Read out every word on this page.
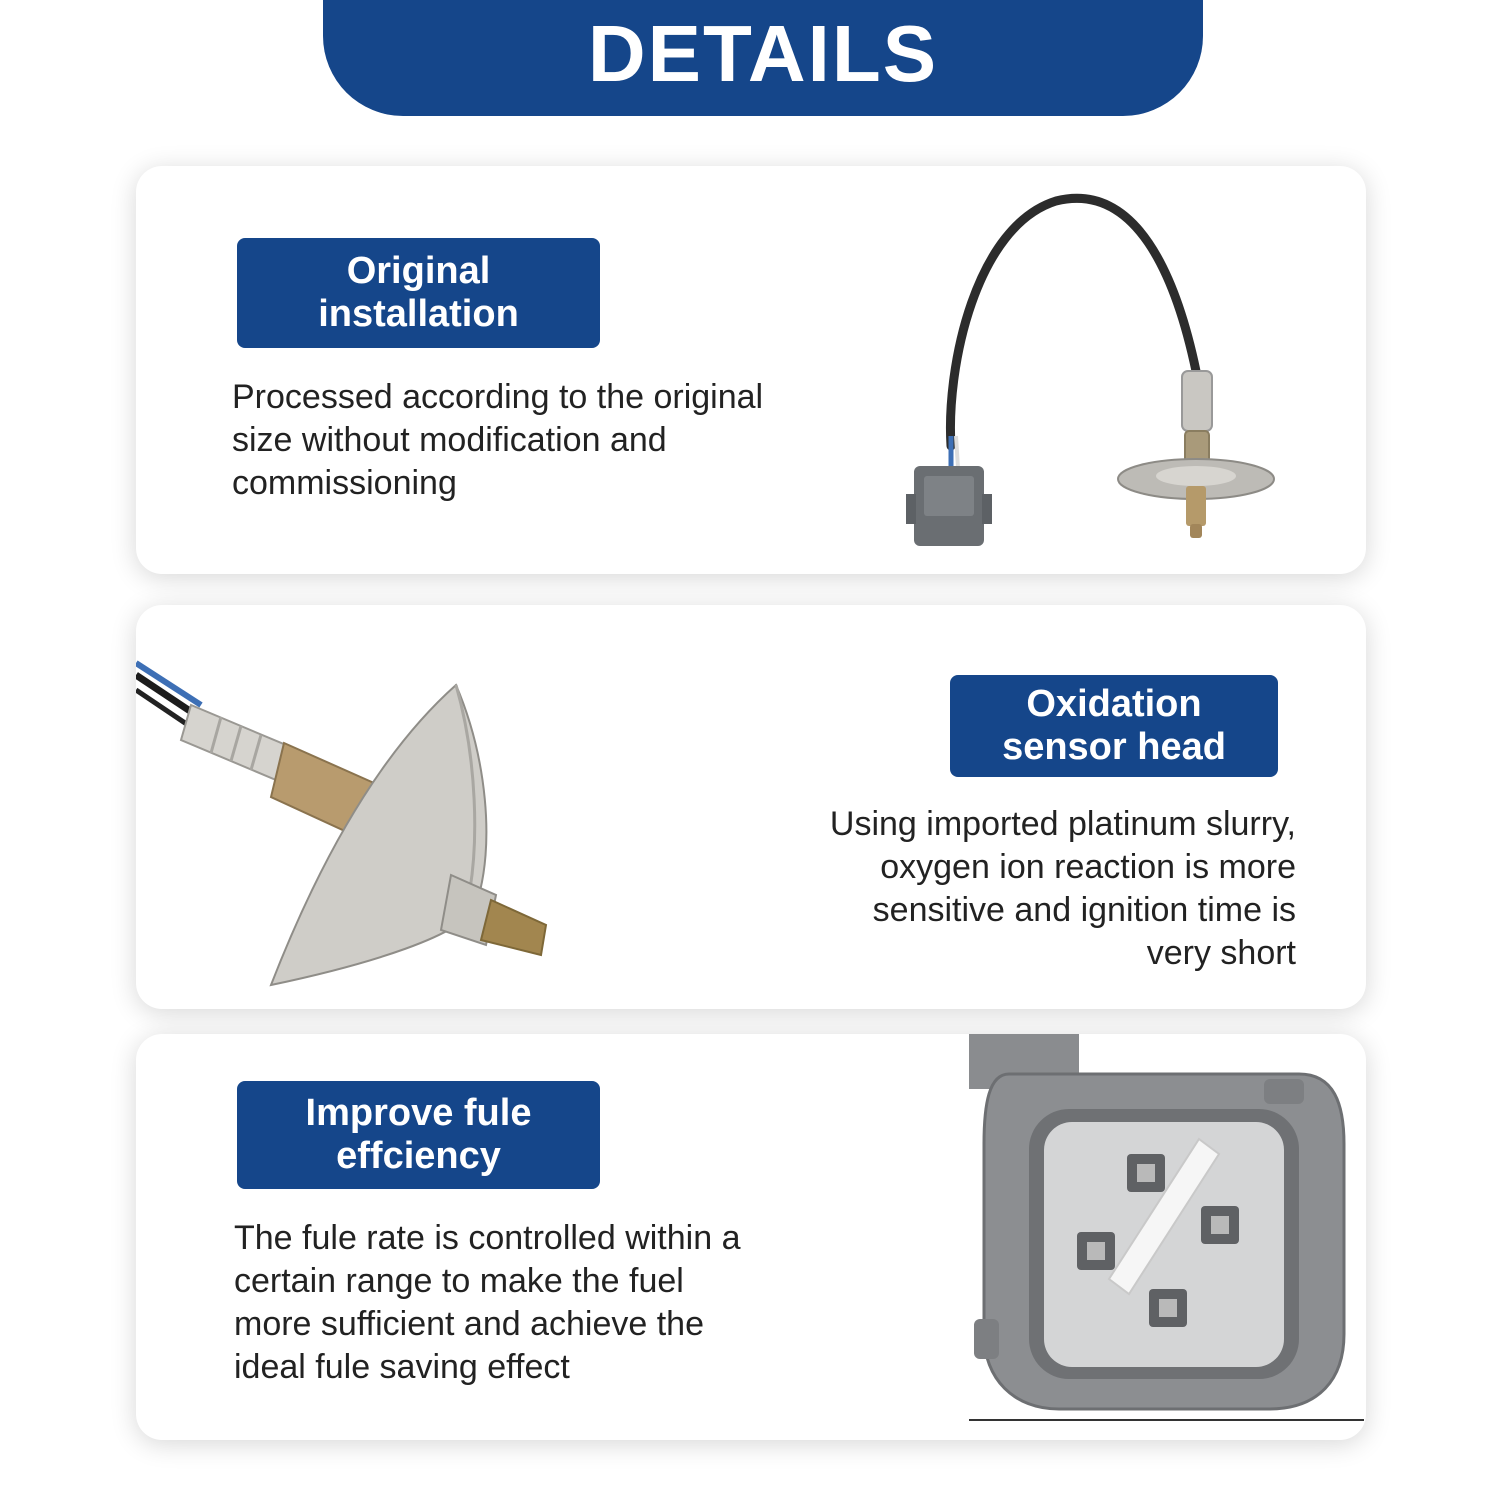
DETAILS
Original
installation
Processed according to the original
size without modification and
commissioning
Oxidation
sensor head
Using imported platinum slurry,
oxygen ion reaction is more
sensitive and ignition time is
very short
Improve fule
effciency
The fule rate is controlled within a
certain range to make the fuel
more sufficient and achieve the
ideal fule saving effect
